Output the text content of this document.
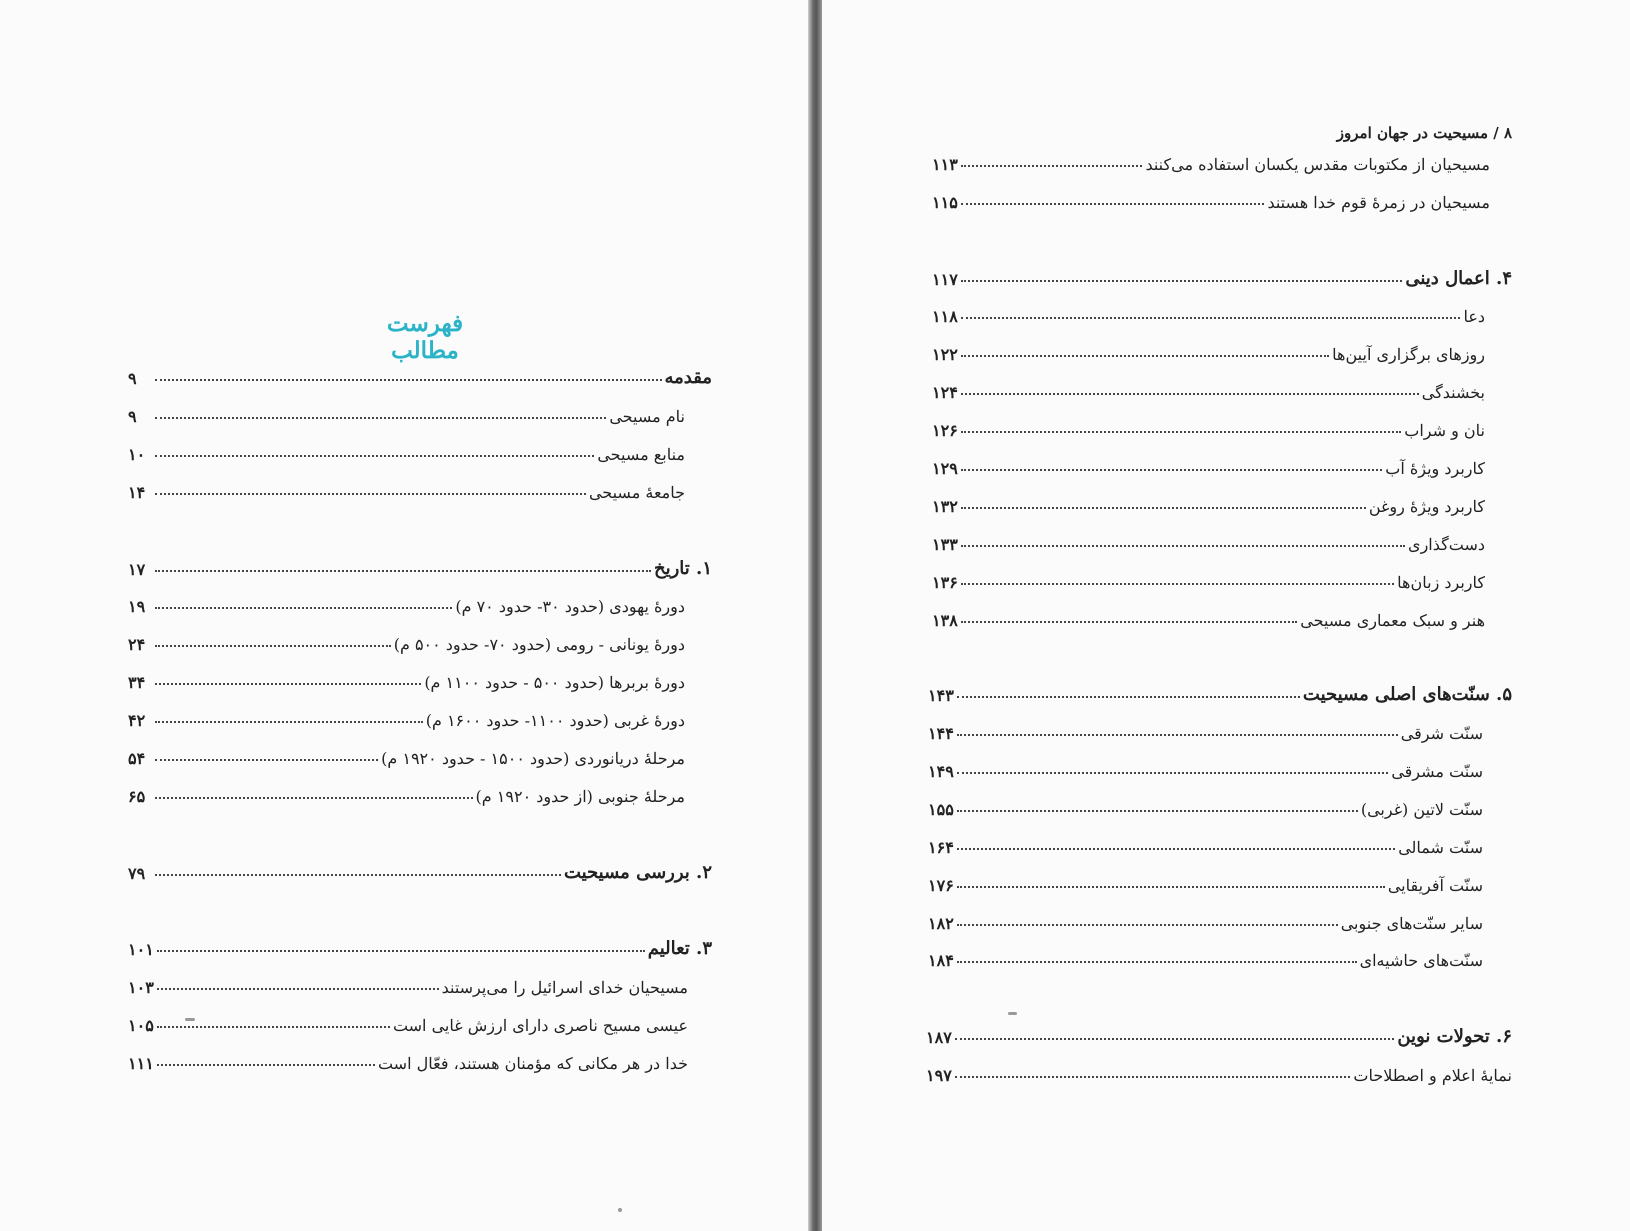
فهرست مطالب
۸ / مسیحیت در جهان امروز
مقدمه
۹
نام مسیحی
۹
منابع مسیحی
۱۰
جامعهٔ مسیحی
۱۴
۱. تاریخ
۱۷
دورهٔ یهودی (حدود ۳۰- حدود ۷۰ م)
۱۹
دورهٔ یونانی - رومی (حدود ۷۰- حدود ۵۰۰ م)
۲۴
دورهٔ بربرها (حدود ۵۰۰ - حدود ۱۱۰۰ م)
۳۴
دورهٔ غربی (حدود ۱۱۰۰- حدود ۱۶۰۰ م)
۴۲
مرحلهٔ دریانوردی (حدود ۱۵۰۰ - حدود ۱۹۲۰ م)
۵۴
مرحلهٔ جنوبی (از حدود ۱۹۲۰ م)
۶۵
۲. بررسی مسیحیت
۷۹
۳. تعالیم
۱۰۱
مسیحیان خدای اسرائیل را می‌پرستند
۱۰۳
عیسی مسیح ناصری دارای ارزش غایی است
۱۰۵
خدا در هر مکانی که مؤمنان هستند، فعّال است
۱۱۱
مسیحیان از مکتوبات مقدس یکسان استفاده می‌کنند
۱۱۳
مسیحیان در زمرهٔ قوم خدا هستند
۱۱۵
۴. اعمال دینی
۱۱۷
دعا
۱۱۸
روزهای برگزاری آیین‌ها
۱۲۲
بخشندگی
۱۲۴
نان و شراب
۱۲۶
کاربرد ویژهٔ آب
۱۲۹
کاربرد ویژهٔ روغن
۱۳۲
دست‌گذاری
۱۳۳
کاربرد زبان‌ها
۱۳۶
هنر و سبک معماری مسیحی
۱۳۸
۵. سنّت‌های اصلی مسیحیت
۱۴۳
سنّت شرقی
۱۴۴
سنّت مشرقی
۱۴۹
سنّت لاتین (غربی)
۱۵۵
سنّت شمالی
۱۶۴
سنّت آفریقایی
۱۷۶
سایر سنّت‌های جنوبی
۱۸۲
سنّت‌های حاشیه‌ای
۱۸۴
۶. تحولات نوین
۱۸۷
نمایهٔ اعلام و اصطلاحات
۱۹۷
